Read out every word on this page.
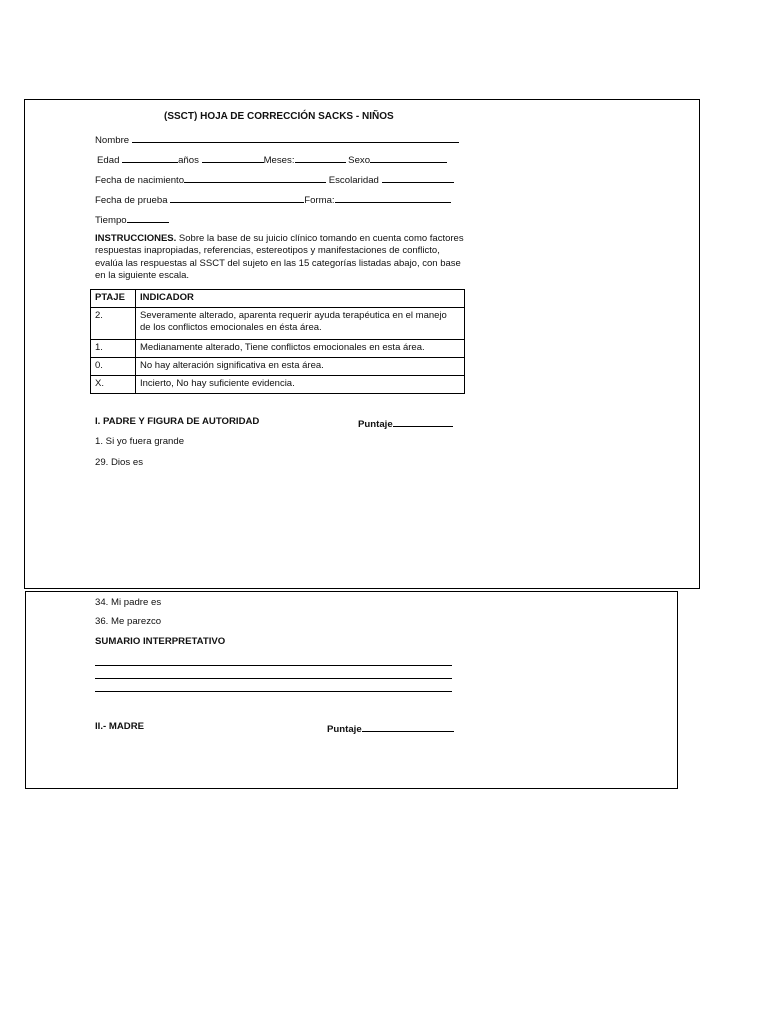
(SSCT) HOJA DE CORRECCIÓN SACKS - NIÑOS
Nombre
Edad	años	Meses:	Sexo
Fecha de nacimiento	Escolaridad
Fecha de prueba	Forma:
Tiempo
INSTRUCCIONES. Sobre la base de su juicio clínico tomando en cuenta como factores respuestas inapropiadas, referencias, estereotipos y manifestaciones de conflicto, evalúa las respuestas al SSCT del sujeto en las 15 categorías listadas abajo, con base en la siguiente escala.
PTAJE	INDICADOR
2.	Severamente alterado, aparenta requerir ayuda terapéutica en el manejo de los conflictos emocionales en ésta área.
1.	Medianamente alterado, Tiene conflictos emocionales en esta área.
0.	No hay alteración significativa en esta área.
X.	Incierto, No hay suficiente evidencia.
I. PADRE Y FIGURA DE AUTORIDAD	Puntaje
1. Si yo fuera grande
29. Dios es
34. Mi padre es
36. Me parezco
SUMARIO INTERPRETATIVO
II.- MADRE	Puntaje
